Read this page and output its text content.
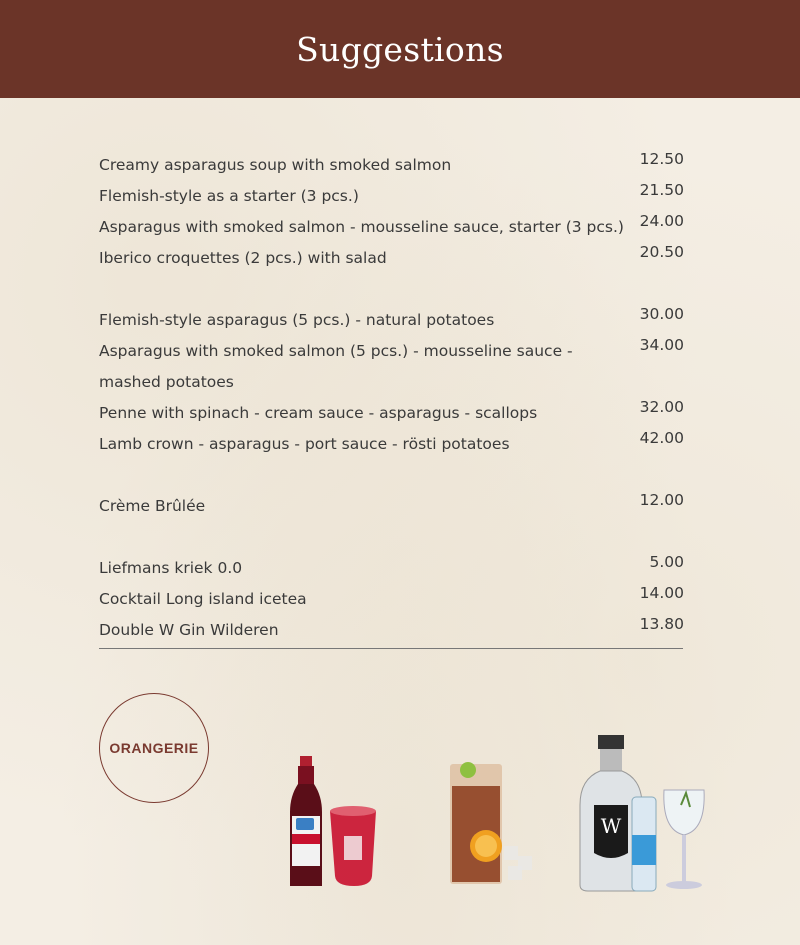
Suggestions
Creamy asparagus soup with smoked salmon	12.50
Flemish-style as a starter (3 pcs.)	21.50
Asparagus with smoked salmon - mousseline sauce, starter (3 pcs.) 24.00
Iberico croquettes (2 pcs.) with salad	20.50
Flemish-style asparagus (5 pcs.) - natural potatoes	30.00
Asparagus with smoked salmon (5 pcs.) - mousseline sauce - mashed potatoes
34.00
Penne with spinach - cream sauce - asparagus - scallops	32.00
Lamb crown - asparagus - port sauce - rösti potatoes	42.00
Crème Brûlée	12.00
Liefmans kriek 0.0	5.00
Cocktail Long island icetea	14.00
Double W Gin Wilderen	13.80
ORANGERIE
W
